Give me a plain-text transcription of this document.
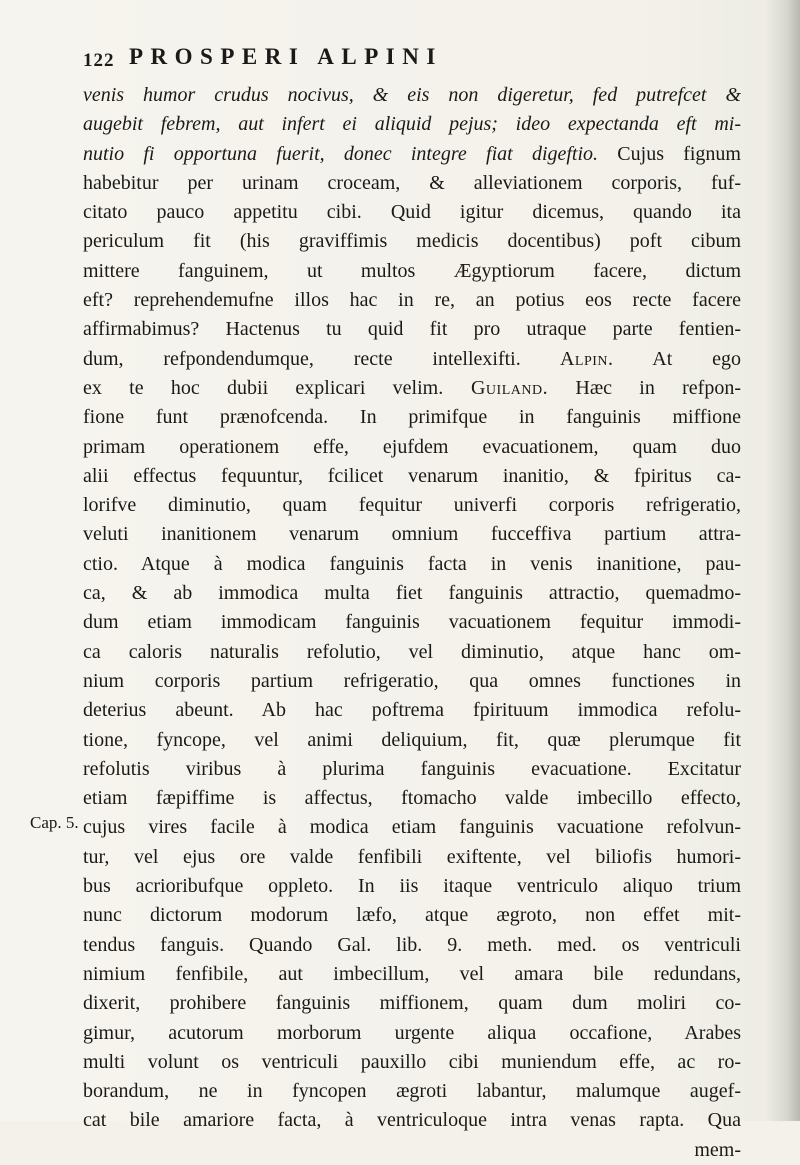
122 PROSPERI ALPINI
Cap. 5.
venis humor crudus nocivus, & eis non digeretur, fed putrefcet &
augebit febrem, aut infert ei aliquid pejus; ideo expectanda eft mi-
nutio fi opportuna fuerit, donec integre fiat digeftio. Cujus fignum
habebitur per urinam croceam, & alleviationem corporis, fuf-
citato pauco appetitu cibi. Quid igitur dicemus, quando ita
periculum fit (his graviffimis medicis docentibus) poft cibum
mittere fanguinem, ut multos Ægyptiorum facere, dictum
eft? reprehendemufne illos hac in re, an potius eos recte facere
affirmabimus? Hactenus tu quid fit pro utraque parte fentien-
dum, refpondendumque, recte intellexifti. Alpin. At ego
ex te hoc dubii explicari velim. Guiland. Hæc in refpon-
fione funt prænofcenda. In primifque in fanguinis miffione
primam operationem effe, ejufdem evacuationem, quam duo
alii effectus fequuntur, fcilicet venarum inanitio, & fpiritus ca-
lorifve diminutio, quam fequitur univerfi corporis refrigeratio,
veluti inanitionem venarum omnium fucceffiva partium attra-
ctio. Atque à modica fanguinis facta in venis inanitione, pau-
ca, & ab immodica multa fiet fanguinis attractio, quemadmo-
dum etiam immodicam fanguinis vacuationem fequitur immodi-
ca caloris naturalis refolutio, vel diminutio, atque hanc om-
nium corporis partium refrigeratio, qua omnes functiones in
deterius abeunt. Ab hac poftrema fpirituum immodica refolu-
tione, fyncope, vel animi deliquium, fit, quæ plerumque fit
refolutis viribus à plurima fanguinis evacuatione. Excitatur
etiam fæpiffime is affectus, ftomacho valde imbecillo effecto,
cujus vires facile à modica etiam fanguinis vacuatione refolvun-
tur, vel ejus ore valde fenfibili exiftente, vel biliofis humori-
bus acrioribufque oppleto. In iis itaque ventriculo aliquo trium
nunc dictorum modorum læfo, atque ægroto, non effet mit-
tendus fanguis. Quando Gal. lib. 9. meth. med. os ventriculi
nimium fenfibile, aut imbecillum, vel amara bile redundans,
dixerit, prohibere fanguinis miffionem, quam dum moliri co-
gimur, acutorum morborum urgente aliqua occafione, Arabes
multi volunt os ventriculi pauxillo cibi muniendum effe, ac ro-
borandum, ne in fyncopen ægroti labantur, malumque augef-
cat bile amariore facta, à ventriculoque intra venas rapta. Qua
mem-
